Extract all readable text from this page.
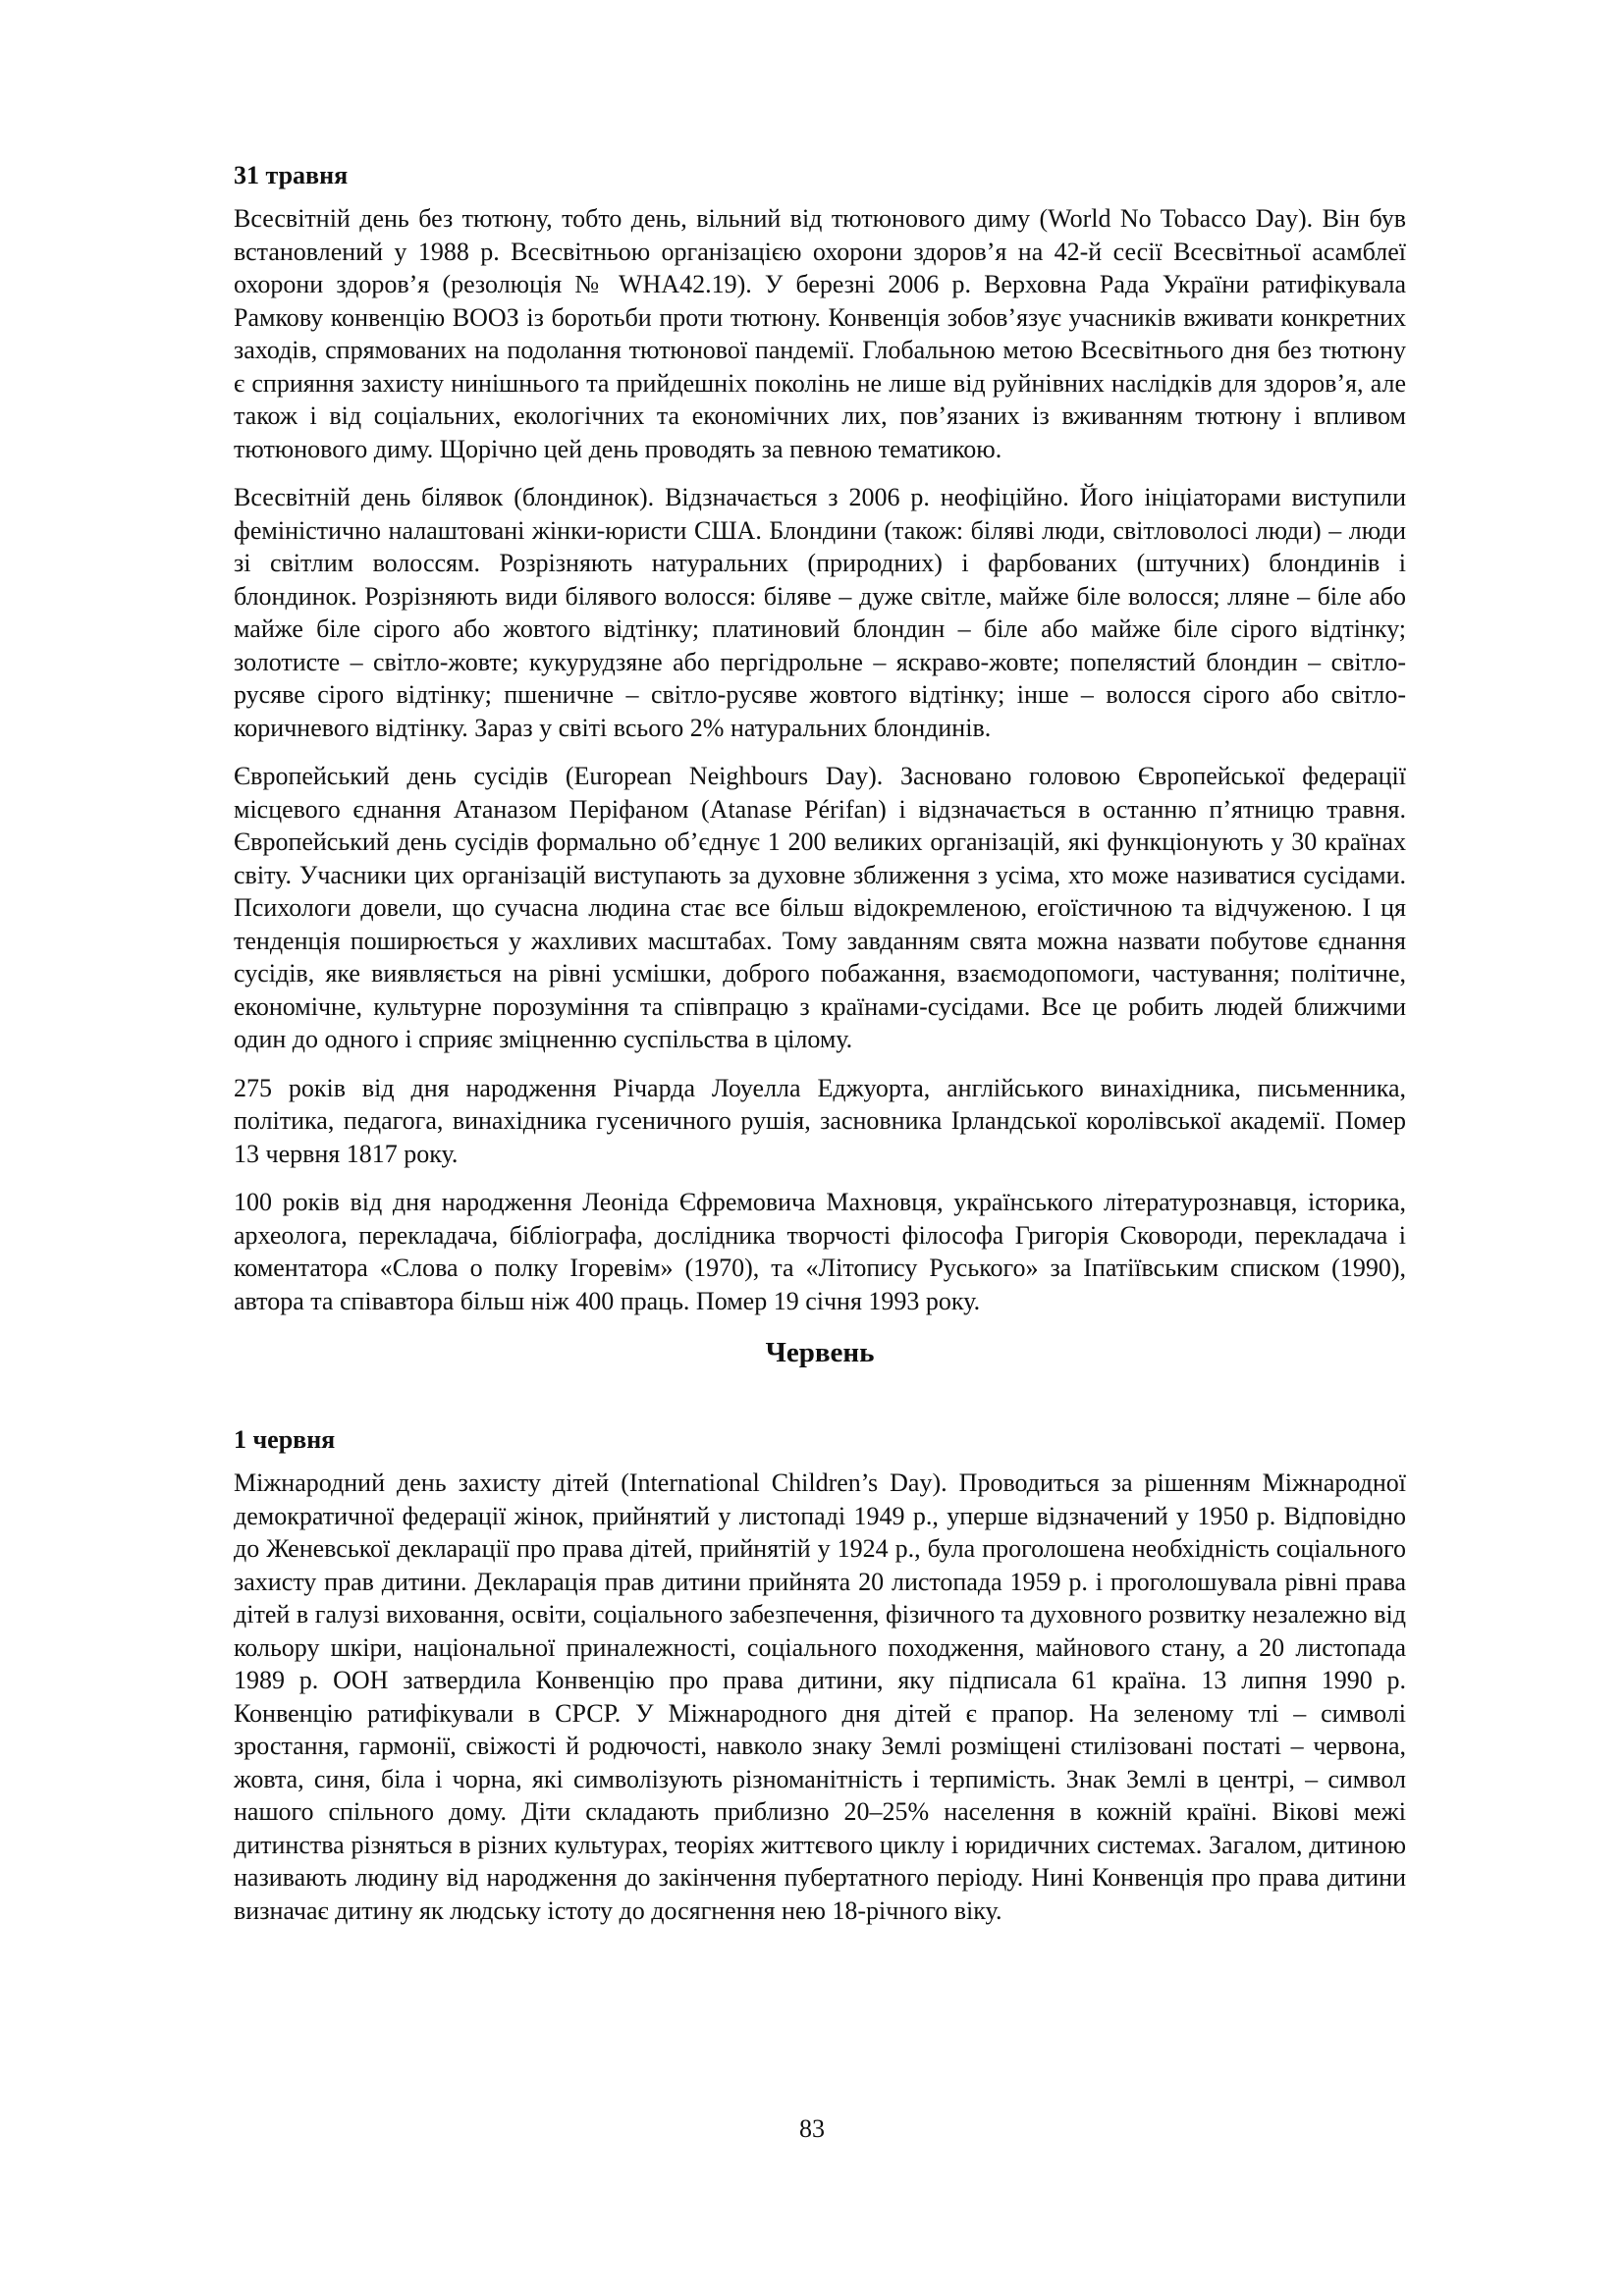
31 травня

Всесвітній день без тютюну, тобто день, вільний від тютюнового диму (World No Tobacco Day). Він був встановлений у 1988 р. Всесвітньою організацією охорони здоров’я на 42-й сесії Всесвітньої асамблеї охорони здоров’я (резолюція № WHA42.19). У березні 2006 р. Верховна Рада України ратифікувала Рамкову конвенцію ВООЗ із боротьби проти тютюну. Конвенція зобов’язує учасників вживати конкретних заходів, спрямованих на подолання тютюнової пандемії. Глобальною метою Всесвітнього дня без тютюну є сприяння захисту нинішнього та прийдешніх поколінь не лише від руйнівних наслідків для здоров’я, але також і від соціальних, екологічних та економічних лих, пов’язаних із вживанням тютюну і впливом тютюнового диму. Щорічно цей день проводять за певною тематикою.

Всесвітній день білявок (блондинок). Відзначається з 2006 р. неофіційно. Його ініціаторами виступили феміністично налаштовані жінки-юристи США. Блондини (також: біляві люди, світловолосі люди) – люди зі світлим волоссям. Розрізняють натуральних (природних) і фарбованих (штучних) блондинів і блондинок. Розрізняють види білявого волосся: біляве – дуже світле, майже біле волосся; лляне – біле або майже біле сірого або жовтого відтінку; платиновий блондин – біле або майже біле сірого відтінку; золотисте – світло-жовте; кукурудзяне або пергідрольне – яскраво-жовте; попелястий блондин – світло-русяве сірого відтінку; пшеничне – світло-русяве жовтого відтінку; інше – волосся сірого або світло-коричневого відтінку. Зараз у світі всього 2% натуральних блондинів.

Європейський день сусідів (European Neighbours Day). Засновано головою Європейської федерації місцевого єднання Атаназом Періфаном (Atanase Périfan) і відзначається в останню п’ятницю травня. Європейський день сусідів формально об’єднує 1 200 великих організацій, які функціонують у 30 країнах світу. Учасники цих організацій виступають за духовне зближення з усіма, хто може називатися сусідами. Психологи довели, що сучасна людина стає все більш відокремленою, егоїстичною та відчуженою. І ця тенденція поширюється у жахливих масштабах. Тому завданням свята можна назвати побутове єднання сусідів, яке виявляється на рівні усмішки, доброго побажання, взаємодопомоги, частування; політичне, економічне, культурне порозуміння та співпрацю з країнами-сусідами. Все це робить людей ближчими один до одного і сприяє зміцненню суспільства в цілому.

275 років від дня народження Річарда Лоуелла Еджуорта, англійського винахідника, письменника, політика, педагога, винахідника гусеничного рушія, засновника Ірландської королівської академії. Помер 13 червня 1817 року.

100 років від дня народження Леоніда Єфремовича Махновця, українського літературознавця, історика, археолога, перекладача, бібліографа, дослідника творчості філософа Григорія Сковороди, перекладача і коментатора «Слова о полку Ігоревім» (1970), та «Літопису Руського» за Іпатіївським списком (1990), автора та співавтора більш ніж 400 праць. Помер 19 січня 1993 року.

Червень
1 червня

Міжнародний день захисту дітей (International Children’s Day). Проводиться за рішенням Міжнародної демократичної федерації жінок, прийнятий у листопаді 1949 р., уперше відзначений у 1950 р. Відповідно до Женевської декларації про права дітей, прийнятій у 1924 р., була проголошена необхідність соціального захисту прав дитини. Декларація прав дитини прийнята 20 листопада 1959 р. і проголошувала рівні права дітей в галузі виховання, освіти, соціального забезпечення, фізичного та духовного розвитку незалежно від кольору шкіри, національної приналежності, соціального походження, майнового стану, а 20 листопада 1989 р. ООН затвердила Конвенцію про права дитини, яку підписала 61 країна. 13 липня 1990 р. Конвенцію ратифікували в СРСР. У Міжнародного дня дітей є прапор. На зеленому тлі – символі зростання, гармонії, свіжості й родючості, навколо знаку Землі розміщені стилізовані постаті – червона, жовта, синя, біла і чорна, які символізують різноманітність і терпимість. Знак Землі в центрі, – символ нашого спільного дому. Діти складають приблизно 20–25% населення в кожній країні. Вікові межі дитинства різняться в різних культурах, теоріях життєвого циклу і юридичних системах. Загалом, дитиною називають людину від народження до закінчення пубертатного періоду. Нині Конвенція про права дитини визначає дитину як людську істоту до досягнення нею 18-річного віку.

83
